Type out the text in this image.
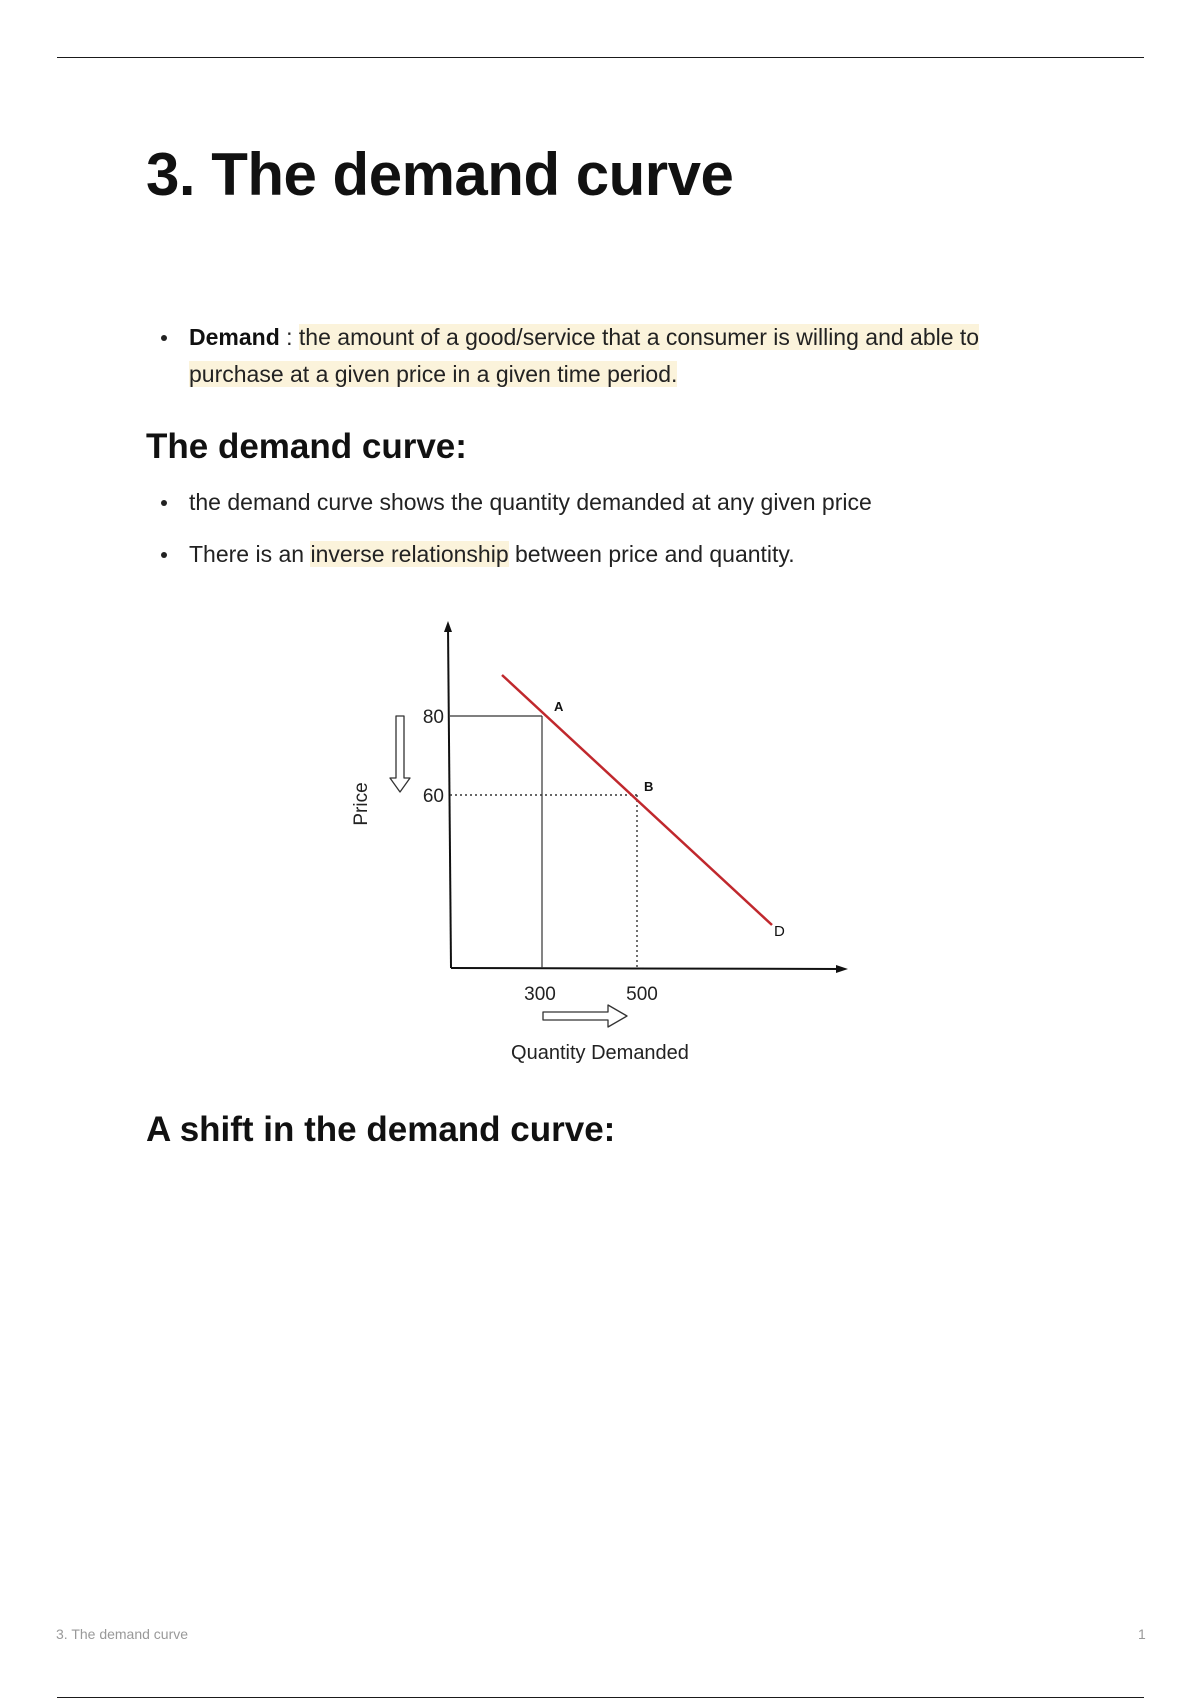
3. The demand curve
Demand : the amount of a good/service that a consumer is willing and able to purchase at a given price in a given time period.
The demand curve:
the demand curve shows the quantity demanded at any given price
There is an inverse relationship between price and quantity.
A
B
D
80
60
300	500
Price
Quantity Demanded
A shift in the demand curve:
3. The demand curve	1
